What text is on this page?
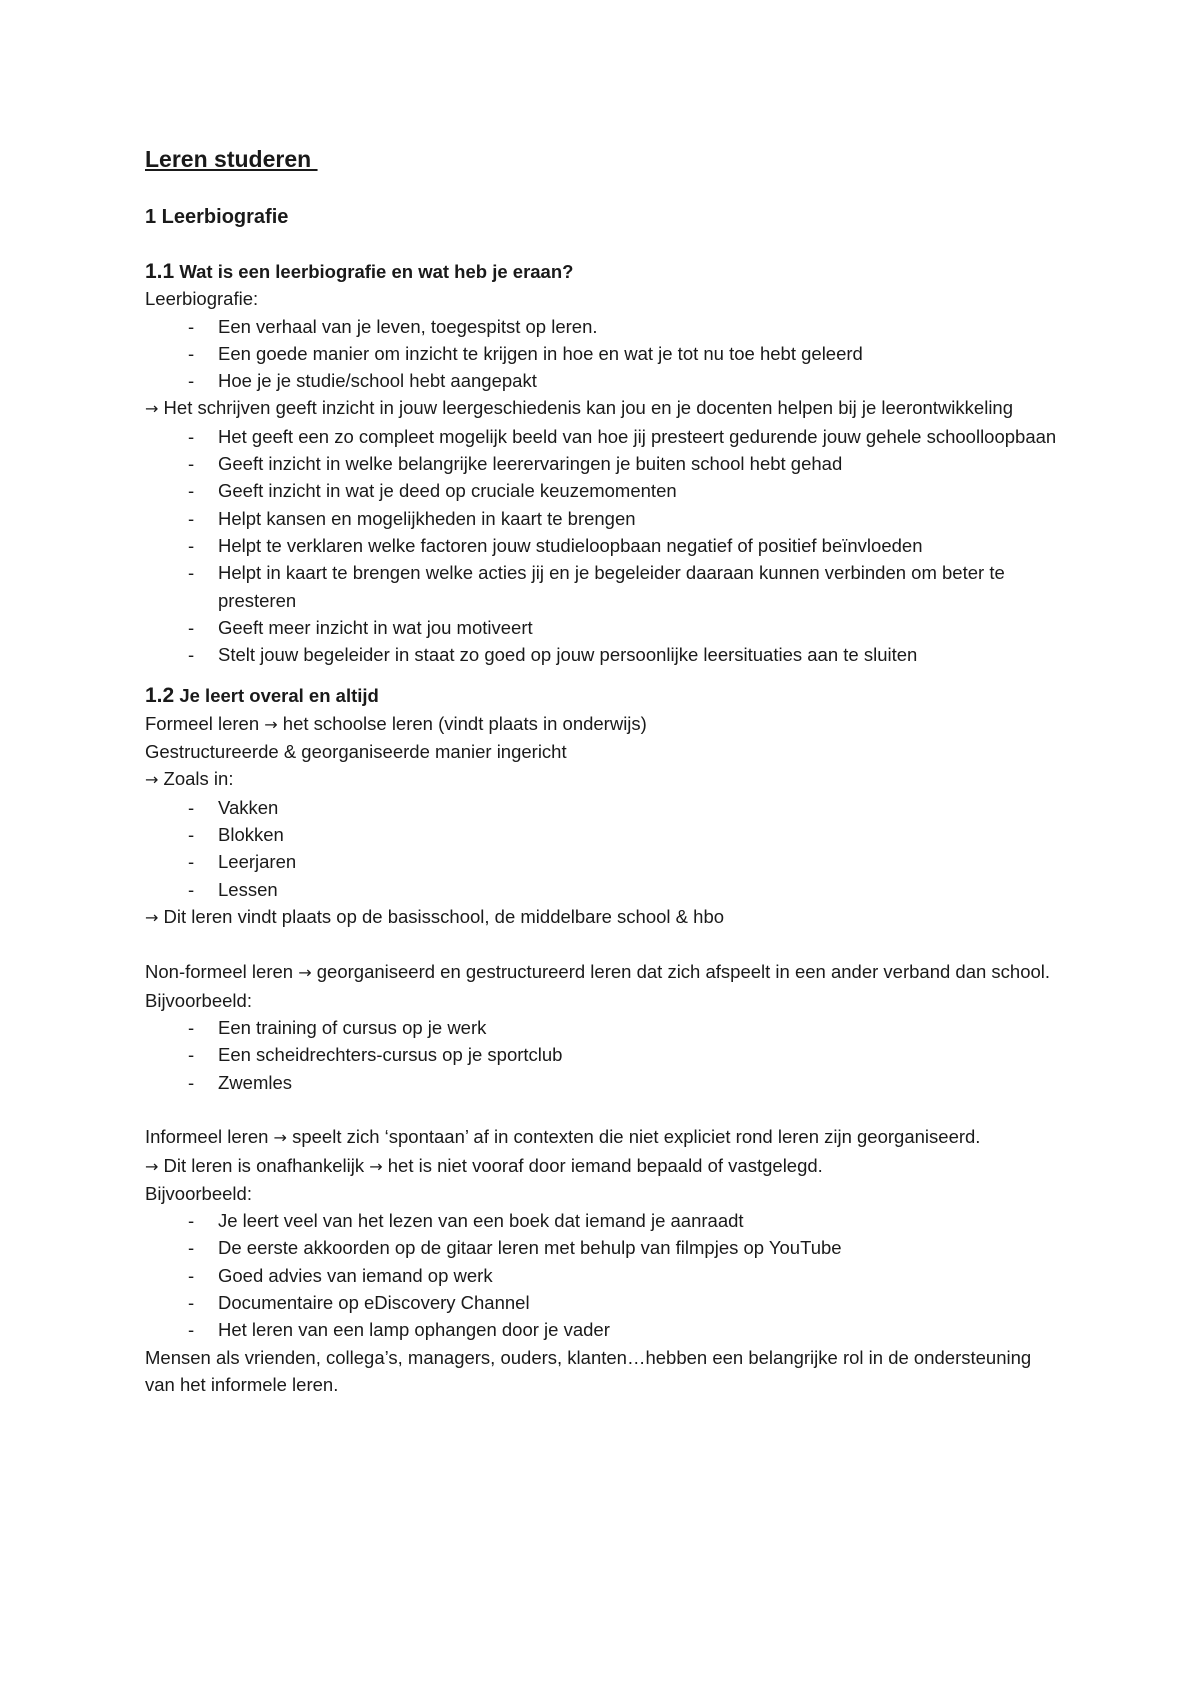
Leren studeren
1 Leerbiografie
1.1 Wat is een leerbiografie en wat heb je eraan?
Leerbiografie:
- Een verhaal van je leven, toegespitst op leren.
- Een goede manier om inzicht te krijgen in hoe en wat je tot nu toe hebt geleerd
- Hoe je je studie/school hebt aangepakt
→ Het schrijven geeft inzicht in jouw leergeschiedenis kan jou en je docenten helpen bij je leerontwikkeling
- Het geeft een zo compleet mogelijk beeld van hoe jij presteert gedurende jouw gehele schoolloopbaan
- Geeft inzicht in welke belangrijke leerervaringen je buiten school hebt gehad
- Geeft inzicht in wat je deed op cruciale keuzemomenten
- Helpt kansen en mogelijkheden in kaart te brengen
- Helpt te verklaren welke factoren jouw studieloopbaan negatief of positief beïnvloeden
- Helpt in kaart te brengen welke acties jij en je begeleider daaraan kunnen verbinden om beter te presteren
- Geeft meer inzicht in wat jou motiveert
- Stelt jouw begeleider in staat zo goed op jouw persoonlijke leersituaties aan te sluiten
1.2 Je leert overal en altijd
Formeel leren → het schoolse leren (vindt plaats in onderwijs)
Gestructureerde & georganiseerde manier ingericht
→ Zoals in:
- Vakken
- Blokken
- Leerjaren
- Lessen
→ Dit leren vindt plaats op de basisschool, de middelbare school & hbo
Non-formeel leren → georganiseerd en gestructureerd leren dat zich afspeelt in een ander verband dan school.
Bijvoorbeeld:
- Een training of cursus op je werk
- Een scheidrechters-cursus op je sportclub
- Zwemles
Informeel leren → speelt zich ‘spontaan’ af in contexten die niet expliciet rond leren zijn georganiseerd.
→ Dit leren is onafhankelijk → het is niet vooraf door iemand bepaald of vastgelegd.
Bijvoorbeeld:
- Je leert veel van het lezen van een boek dat iemand je aanraadt
- De eerste akkoorden op de gitaar leren met behulp van filmpjes op YouTube
- Goed advies van iemand op werk
- Documentaire op eDiscovery Channel
- Het leren van een lamp ophangen door je vader
Mensen als vrienden, collega’s, managers, ouders, klanten…hebben een belangrijke rol in de ondersteuning van het informele leren.
